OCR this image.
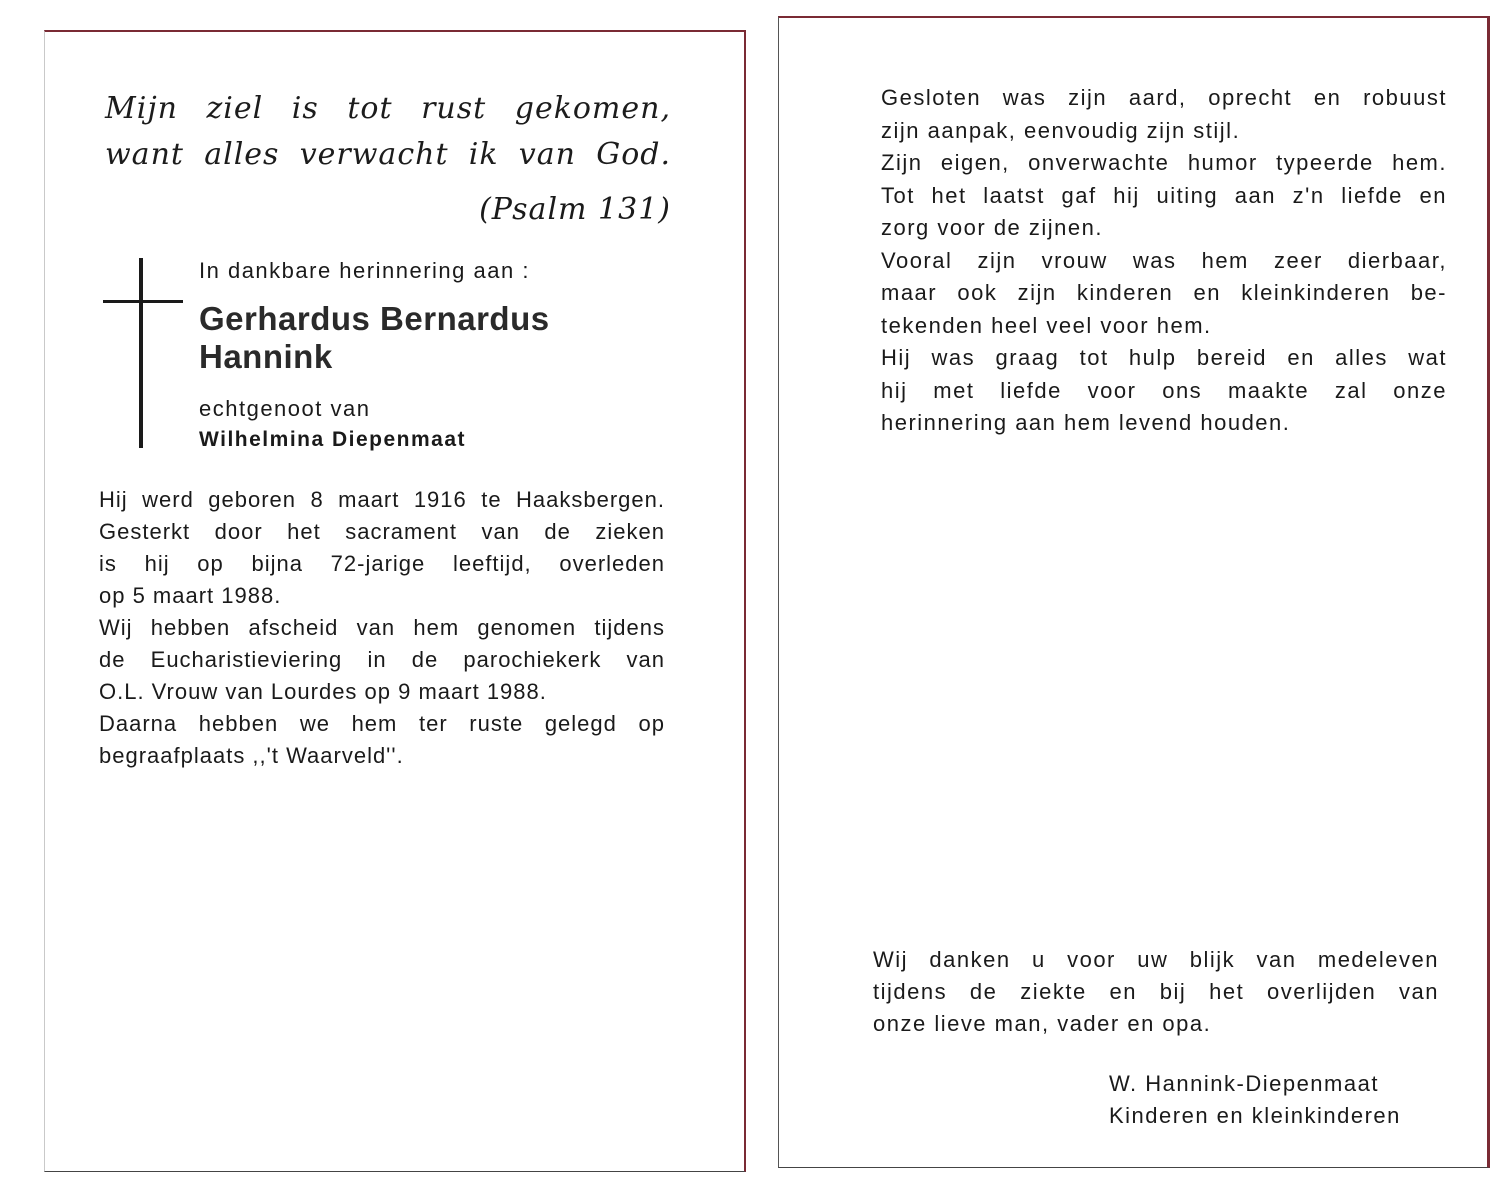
Mijn ziel is tot rust gekomen,
want alles verwacht ik van God.
(Psalm 131)
In dankbare herinnering aan :
Gerhardus Bernardus
Hannink
echtgenoot van
Wilhelmina Diepenmaat
Hij werd geboren 8 maart 1916 te Haaksbergen.
Gesterkt door het sacrament van de zieken
is hij op bijna 72-jarige leeftijd, overleden
op 5 maart 1988.
Wij hebben afscheid van hem genomen tijdens
de Eucharistieviering in de parochiekerk van
O.L. Vrouw van Lourdes op 9 maart 1988.
Daarna hebben we hem ter ruste gelegd op
begraafplaats ,,'t Waarveld''.
Gesloten was zijn aard, oprecht en robuust
zijn aanpak, eenvoudig zijn stijl.
Zijn eigen, onverwachte humor typeerde hem.
Tot het laatst gaf hij uiting aan z'n liefde en
zorg voor de zijnen.
Vooral zijn vrouw was hem zeer dierbaar,
maar ook zijn kinderen en kleinkinderen be-
tekenden heel veel voor hem.
Hij was graag tot hulp bereid en alles wat
hij met liefde voor ons maakte zal onze
herinnering aan hem levend houden.
Wij danken u voor uw blijk van medeleven
tijdens de ziekte en bij het overlijden van
onze lieve man, vader en opa.
W. Hannink-Diepenmaat
Kinderen en kleinkinderen
